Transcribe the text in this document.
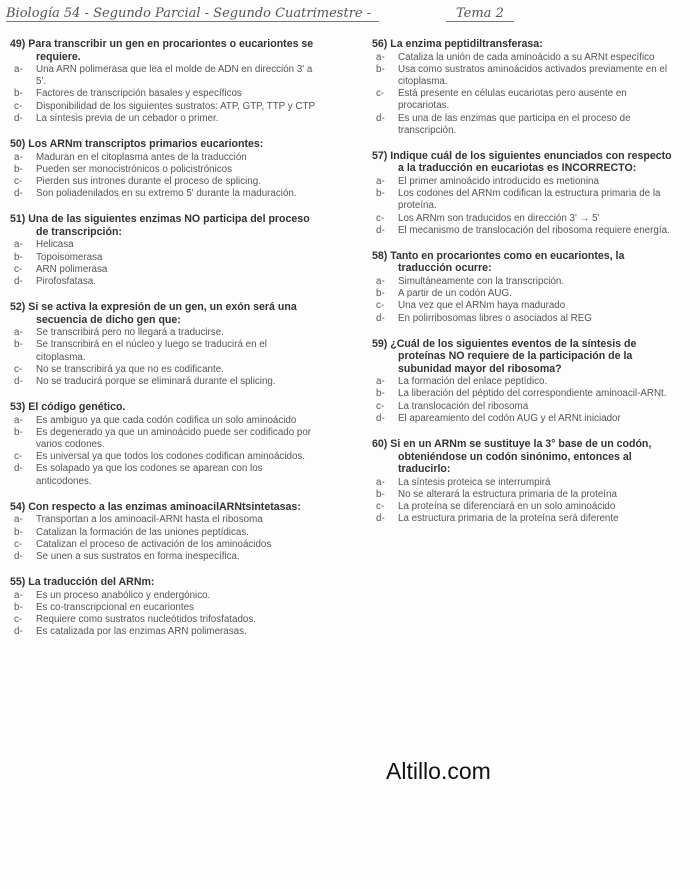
Biología 54 - Segundo Parcial - Segundo Cuatrimestre -	Tema 2
49) Para transcribir un gen en procariontes o eucariontes se requiere.
a- Una ARN polimerasa que lea el molde de ADN en dirección 3' a 5'.
b- Factores de transcripción basales y específicos
c- Disponibilidad de los siguientes sustratos: ATP, GTP, TTP y CTP
d- La síntesis previa de un cebador o primer.
50) Los ARNm transcriptos primarios eucariontes:
a- Maduran en el citoplasma antes de la traducción
b- Pueden ser monocistrónicos o policistrónicos
c- Pierden sus intrones durante el proceso de splicing.
d- Son poliadenilados en su extremo 5' durante la maduración.
51) Una de las siguientes enzimas NO participa del proceso de transcripción:
a- Helicasa
b- Topoisomerasa
c- ARN polimerasa
d- Pirofosfatasa.
52) Si se activa la expresión de un gen, un exón será una secuencia de dicho gen que:
a- Se transcribirá pero no llegará a traducirse.
b- Se transcribirá en el núcleo y luego se traducirá en el citoplasma.
c- No se transcribirá ya que no es codificante.
d- No se traducirá porque se eliminará durante el splicing.
53) El código genético.
a- Es ambiguo ya que cada codón codifica un solo aminoácido
b- Es degenerado ya que un aminoácido puede ser codificado por varios codones.
c- Es universal ya que todos los codones codifican aminoácidos.
d- Es solapado ya que los codones se aparean con los anticodones.
54) Con respecto a las enzimas aminoacilARNtsintetasas:
a- Transportan a los aminoacil-ARNt hasta el ribosoma
b- Catalizan la formación de las uniones peptídicas.
c- Catalizan el proceso de activación de los aminoácidos
d- Se unen a sus sustratos en forma inespecífica.
55) La traducción del ARNm:
a- Es un proceso anabólico y endergónico.
b- Es co-transcripcional en eucariontes
c- Requiere como sustratos nucleótidos trifosfatados.
d- Es catalizada por las enzimas ARN polimerasas.
56) La enzima peptidiltransferasa:
a- Cataliza la unión de cada aminoácido a su ARNt específico
b- Usa como sustratos aminoácidos activados previamente en el citoplasma.
c- Está presente en células eucariotas pero ausente en procariotas.
d- Es una de las enzimas que participa en el proceso de transcripción.
57) Indique cuál de los siguientes enunciados con respecto a la traducción en eucariotas es INCORRECTO:
a- El primer aminoácido introducido es metionina
b- Los codones del ARNm codifican la estructura primaria de la proteína.
c- Los ARNm son traducidos en dirección 3' → 5'
d- El mecanismo de translocación del ribosoma requiere energía.
58) Tanto en procariontes como en eucariontes, la traducción ocurre:
a- Simultáneamente con la transcripción.
b- A partir de un codón AUG.
c- Una vez que el ARNm haya madurado
d- En polirribosomas libres o asociados al REG
59) ¿Cuál de los siguientes eventos de la síntesis de proteínas NO requiere de la participación de la subunidad mayor del ribosoma?
a- La formación del enlace peptídico.
b- La liberación del péptido del correspondiente aminoacil-ARNt.
c- La translocación del ribosoma
d- El apareamiento del codón AUG y el ARNt iniciador
60) Si en un ARNm se sustituye la 3° base de un codón, obteniéndose un codón sinónimo, entonces al traducirlo:
a- La síntesis proteica se interrumpirá
b- No se alterará la estructura primaria de la proteína
c- La proteína se diferenciará en un solo aminoácido
d- La estructura primaria de la proteína será diferente
Altillo.com
